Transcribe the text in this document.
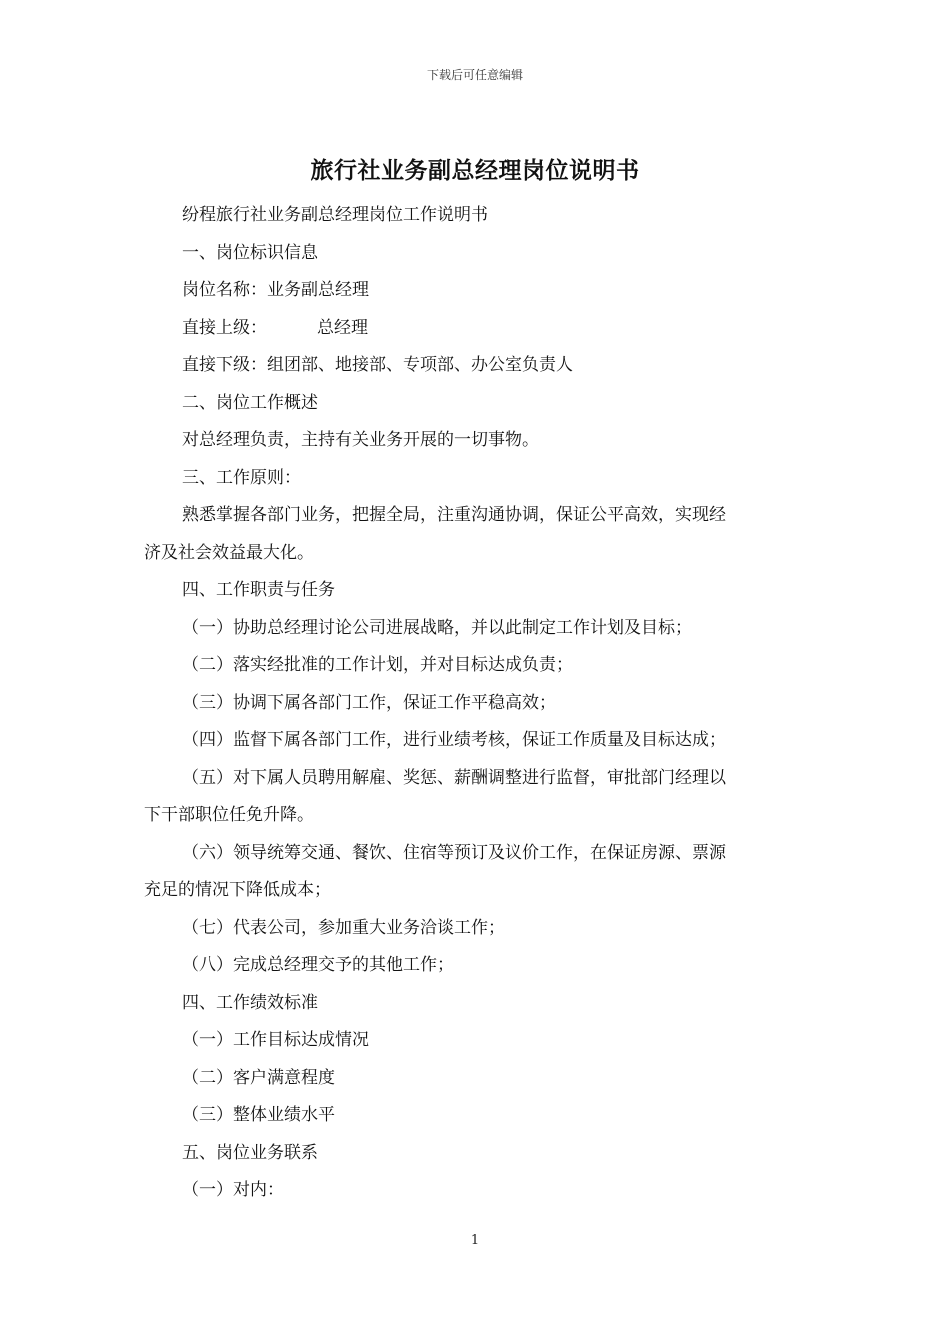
下载后可任意编辑
旅行社业务副总经理岗位说明书
纷程旅行社业务副总经理岗位工作说明书
一、岗位标识信息
岗位名称：业务副总经理
直接上级：	总经理
直接下级：组团部、地接部、专项部、办公室负责人
二、岗位工作概述
对总经理负责，主持有关业务开展的一切事物。
三、工作原则：
熟悉掌握各部门业务，把握全局，注重沟通协调，保证公平高效，实现经
济及社会效益最大化。
四、工作职责与任务
（一）协助总经理讨论公司进展战略，并以此制定工作计划及目标；
（二）落实经批准的工作计划，并对目标达成负责；
（三）协调下属各部门工作，保证工作平稳高效；
（四）监督下属各部门工作，进行业绩考核，保证工作质量及目标达成；
（五）对下属人员聘用解雇、奖惩、薪酬调整进行监督，审批部门经理以
下干部职位任免升降。
（六）领导统筹交通、餐饮、住宿等预订及议价工作，在保证房源、票源
充足的情况下降低成本；
（七）代表公司，参加重大业务洽谈工作；
（八）完成总经理交予的其他工作；
四、工作绩效标准
（一）工作目标达成情况
（二）客户满意程度
（三）整体业绩水平
五、岗位业务联系
（一）对内：
1
